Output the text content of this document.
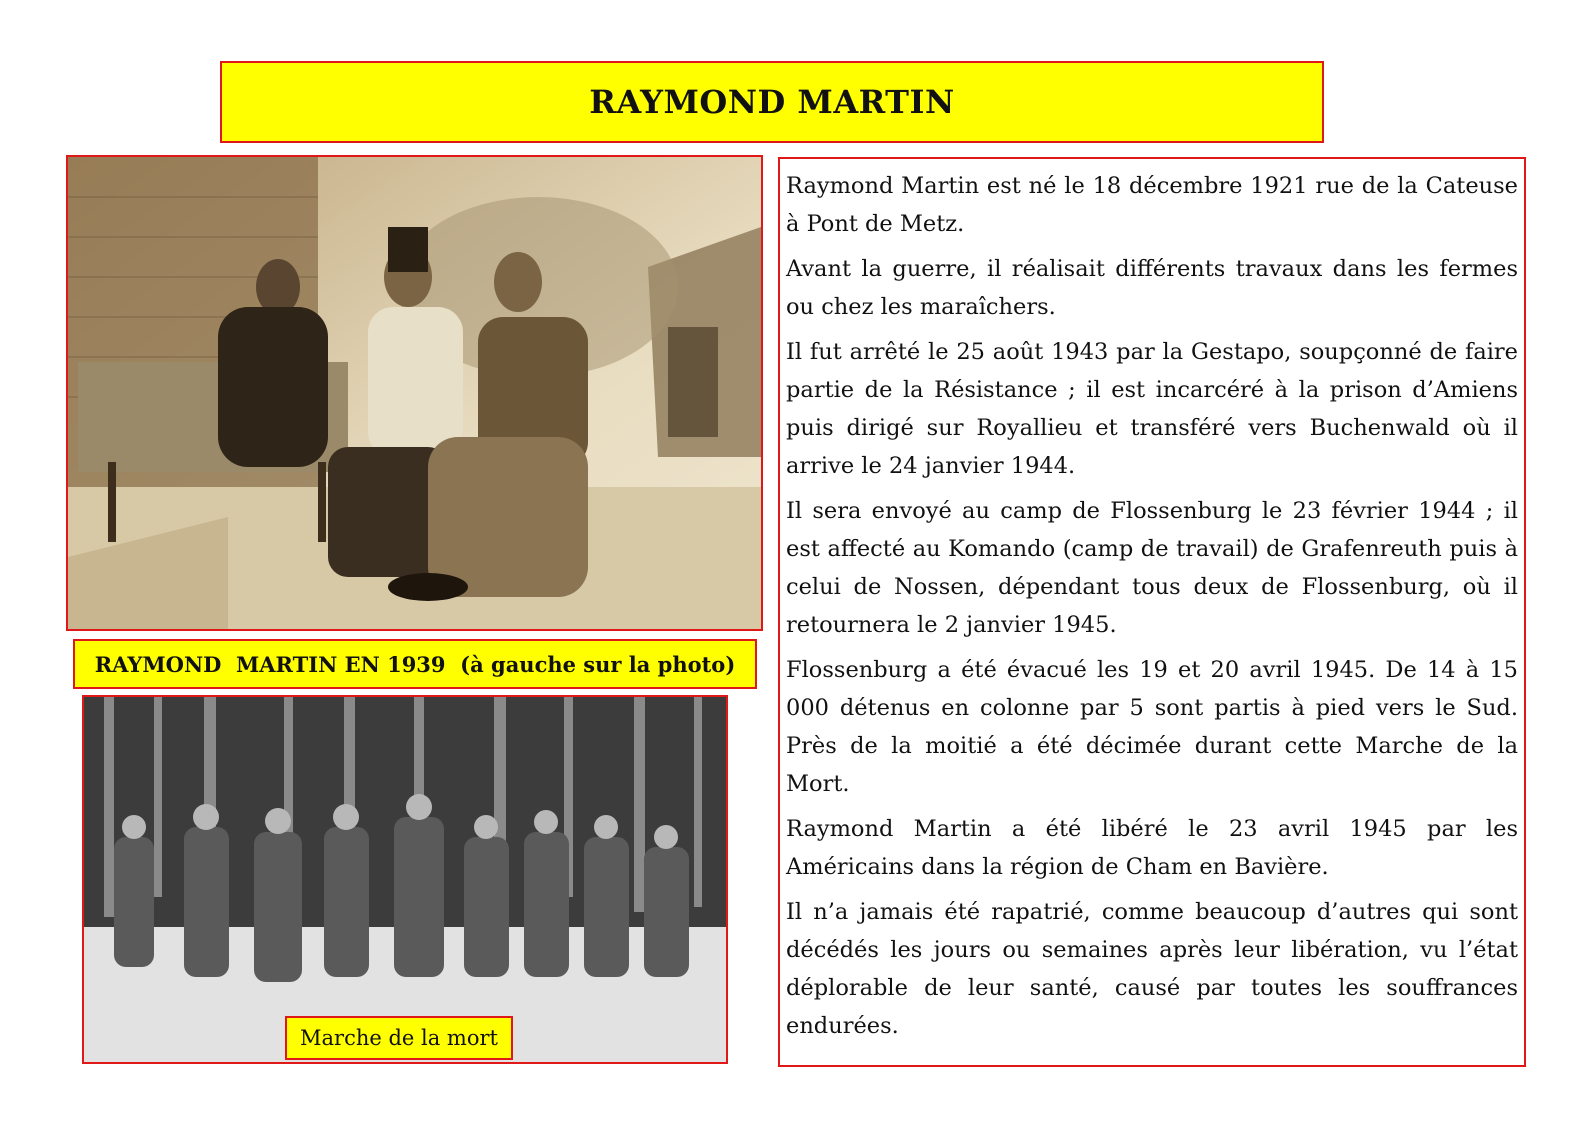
RAYMOND MARTIN
RAYMOND  MARTIN EN 1939  (à gauche sur la photo)
Marche de la mort

Raymond Martin est né le 18 décembre 1921 rue de la Cateuse à Pont de Metz.

Avant la guerre, il réalisait différents travaux dans les fermes ou chez les maraîchers.

Il fut arrêté le 25 août 1943 par la Gestapo, soupçonné de faire partie de la Résistance ; il est incarcéré à la prison d’Amiens puis dirigé sur Royallieu et transféré vers Buchenwald où il arrive le 24 janvier 1944.

Il sera envoyé au camp de Flossenburg le 23 février 1944 ; il est affecté au Komando (camp de travail) de Grafenreuth puis à celui de Nossen, dépendant tous deux de Flossenburg, où il retournera le 2 janvier 1945.

Flossenburg a été évacué les 19 et 20 avril 1945. De 14 à 15 000 détenus en colonne par 5 sont partis à pied vers le Sud. Près de la moitié a été décimée durant cette Marche de la Mort.

Raymond Martin a été libéré le 23 avril 1945 par les Américains dans la région de Cham en Bavière.

Il n’a jamais été rapatrié, comme beaucoup d’autres qui sont décédés les jours ou semaines après leur libération, vu l’état déplorable de leur santé, causé par toutes les souffrances endurées.
